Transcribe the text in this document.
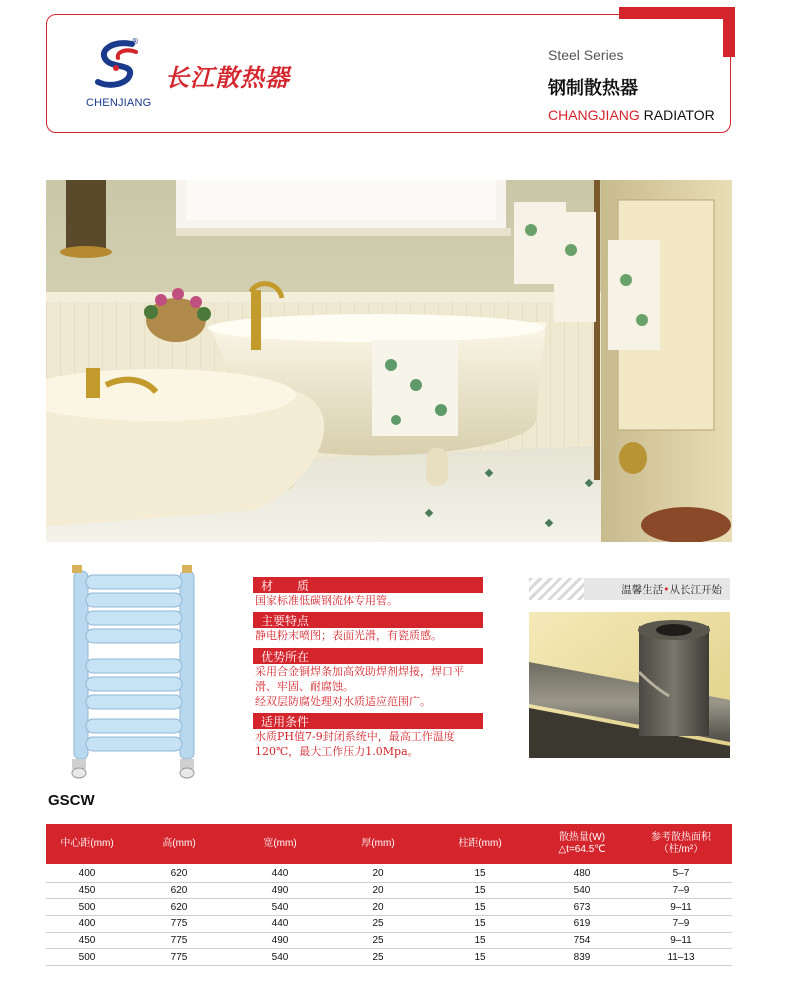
®
CHENJIANG
长江散热器
Steel Series
钢制散热器
CHANGJIANG RADIATOR
材质
国家标准低碳钢流体专用管。
主要特点
静电粉末喷图；表面光滑，有瓷质感。
优势所在
采用合金铜焊条加高效助焊剂焊接，焊口平
滑、牢固、耐腐蚀。
经双层防腐处理对水质适应范围广。
适用条件
水质PH值7-9封闭系统中，最高工作温度
120℃，最大工作压力1.0Mpa。
温馨生活•从长江开始
GSCW
中心距(mm)	高(mm)	宽(mm)	厚(mm)	柱距(mm)	散热量(W)
△t=64.5℃	参考散热面积
（柱/m²）

400	620	440	20	15	480	5–7
450	620	490	20	15	540	7–9
500	620	540	20	15	673	9–11
400	775	440	25	15	619	7–9
450	775	490	25	15	754	9–11
500	775	540	25	15	839	11–13
